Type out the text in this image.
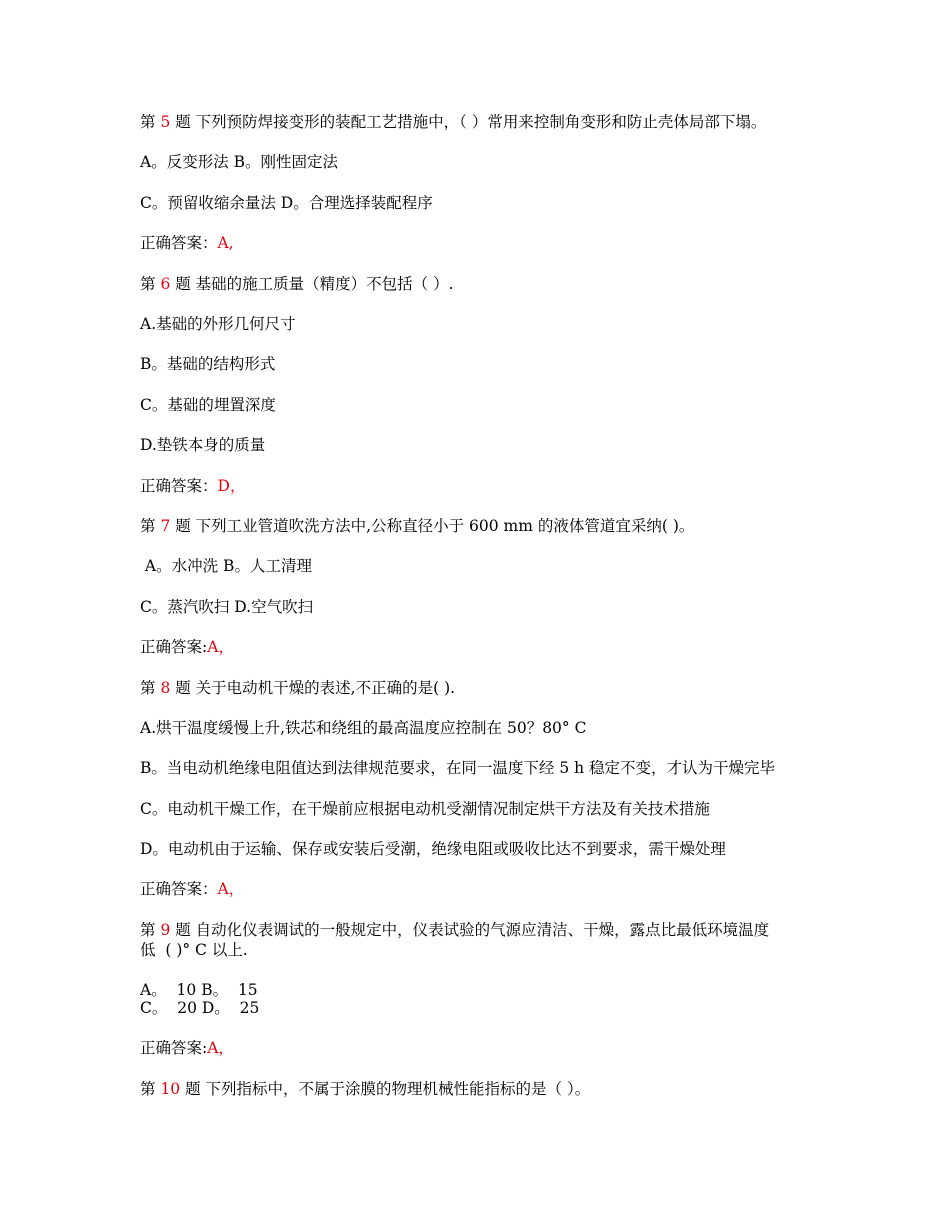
第 5 题 下列预防焊接变形的装配工艺措施中，（ ）常用来控制角变形和防止壳体局部下塌。
A。反变形法 B。刚性固定法
C。预留收缩余量法 D。合理选择装配程序
正确答案：A,
第 6 题 基础的施工质量（精度）不包括（ ）.
A.基础的外形几何尺寸
B。基础的结构形式
C。基础的埋置深度
D.垫铁本身的质量
正确答案：D，
第 7 题 下列工业管道吹洗方法中,公称直径小于 600 mm 的液体管道宜采纳( )。
A。水冲洗 B。人工清理
C。蒸汽吹扫 D.空气吹扫
正确答案:A，
第 8 题 关于电动机干燥的表述,不正确的是( ).
A.烘干温度缓慢上升,铁芯和绕组的最高温度应控制在 50？80° C
B。当电动机绝缘电阻值达到法律规范要求，在同一温度下经 5 h 稳定不变，才认为干燥完毕
C。电动机干燥工作，在干燥前应根据电动机受潮情况制定烘干方法及有关技术措施
D。电动机由于运输、保存或安装后受潮，绝缘电阻或吸收比达不到要求，需干燥处理
正确答案：A，
第 9 题 自动化仪表调试的一般规定中，仪表试验的气源应清洁、干燥，露点比最低环境温度
低  ( )° C 以上.
A。  10 B。  15
C。  20 D。  25
正确答案:A，
第 10 题 下列指标中，不属于涂膜的物理机械性能指标的是（ ）。
